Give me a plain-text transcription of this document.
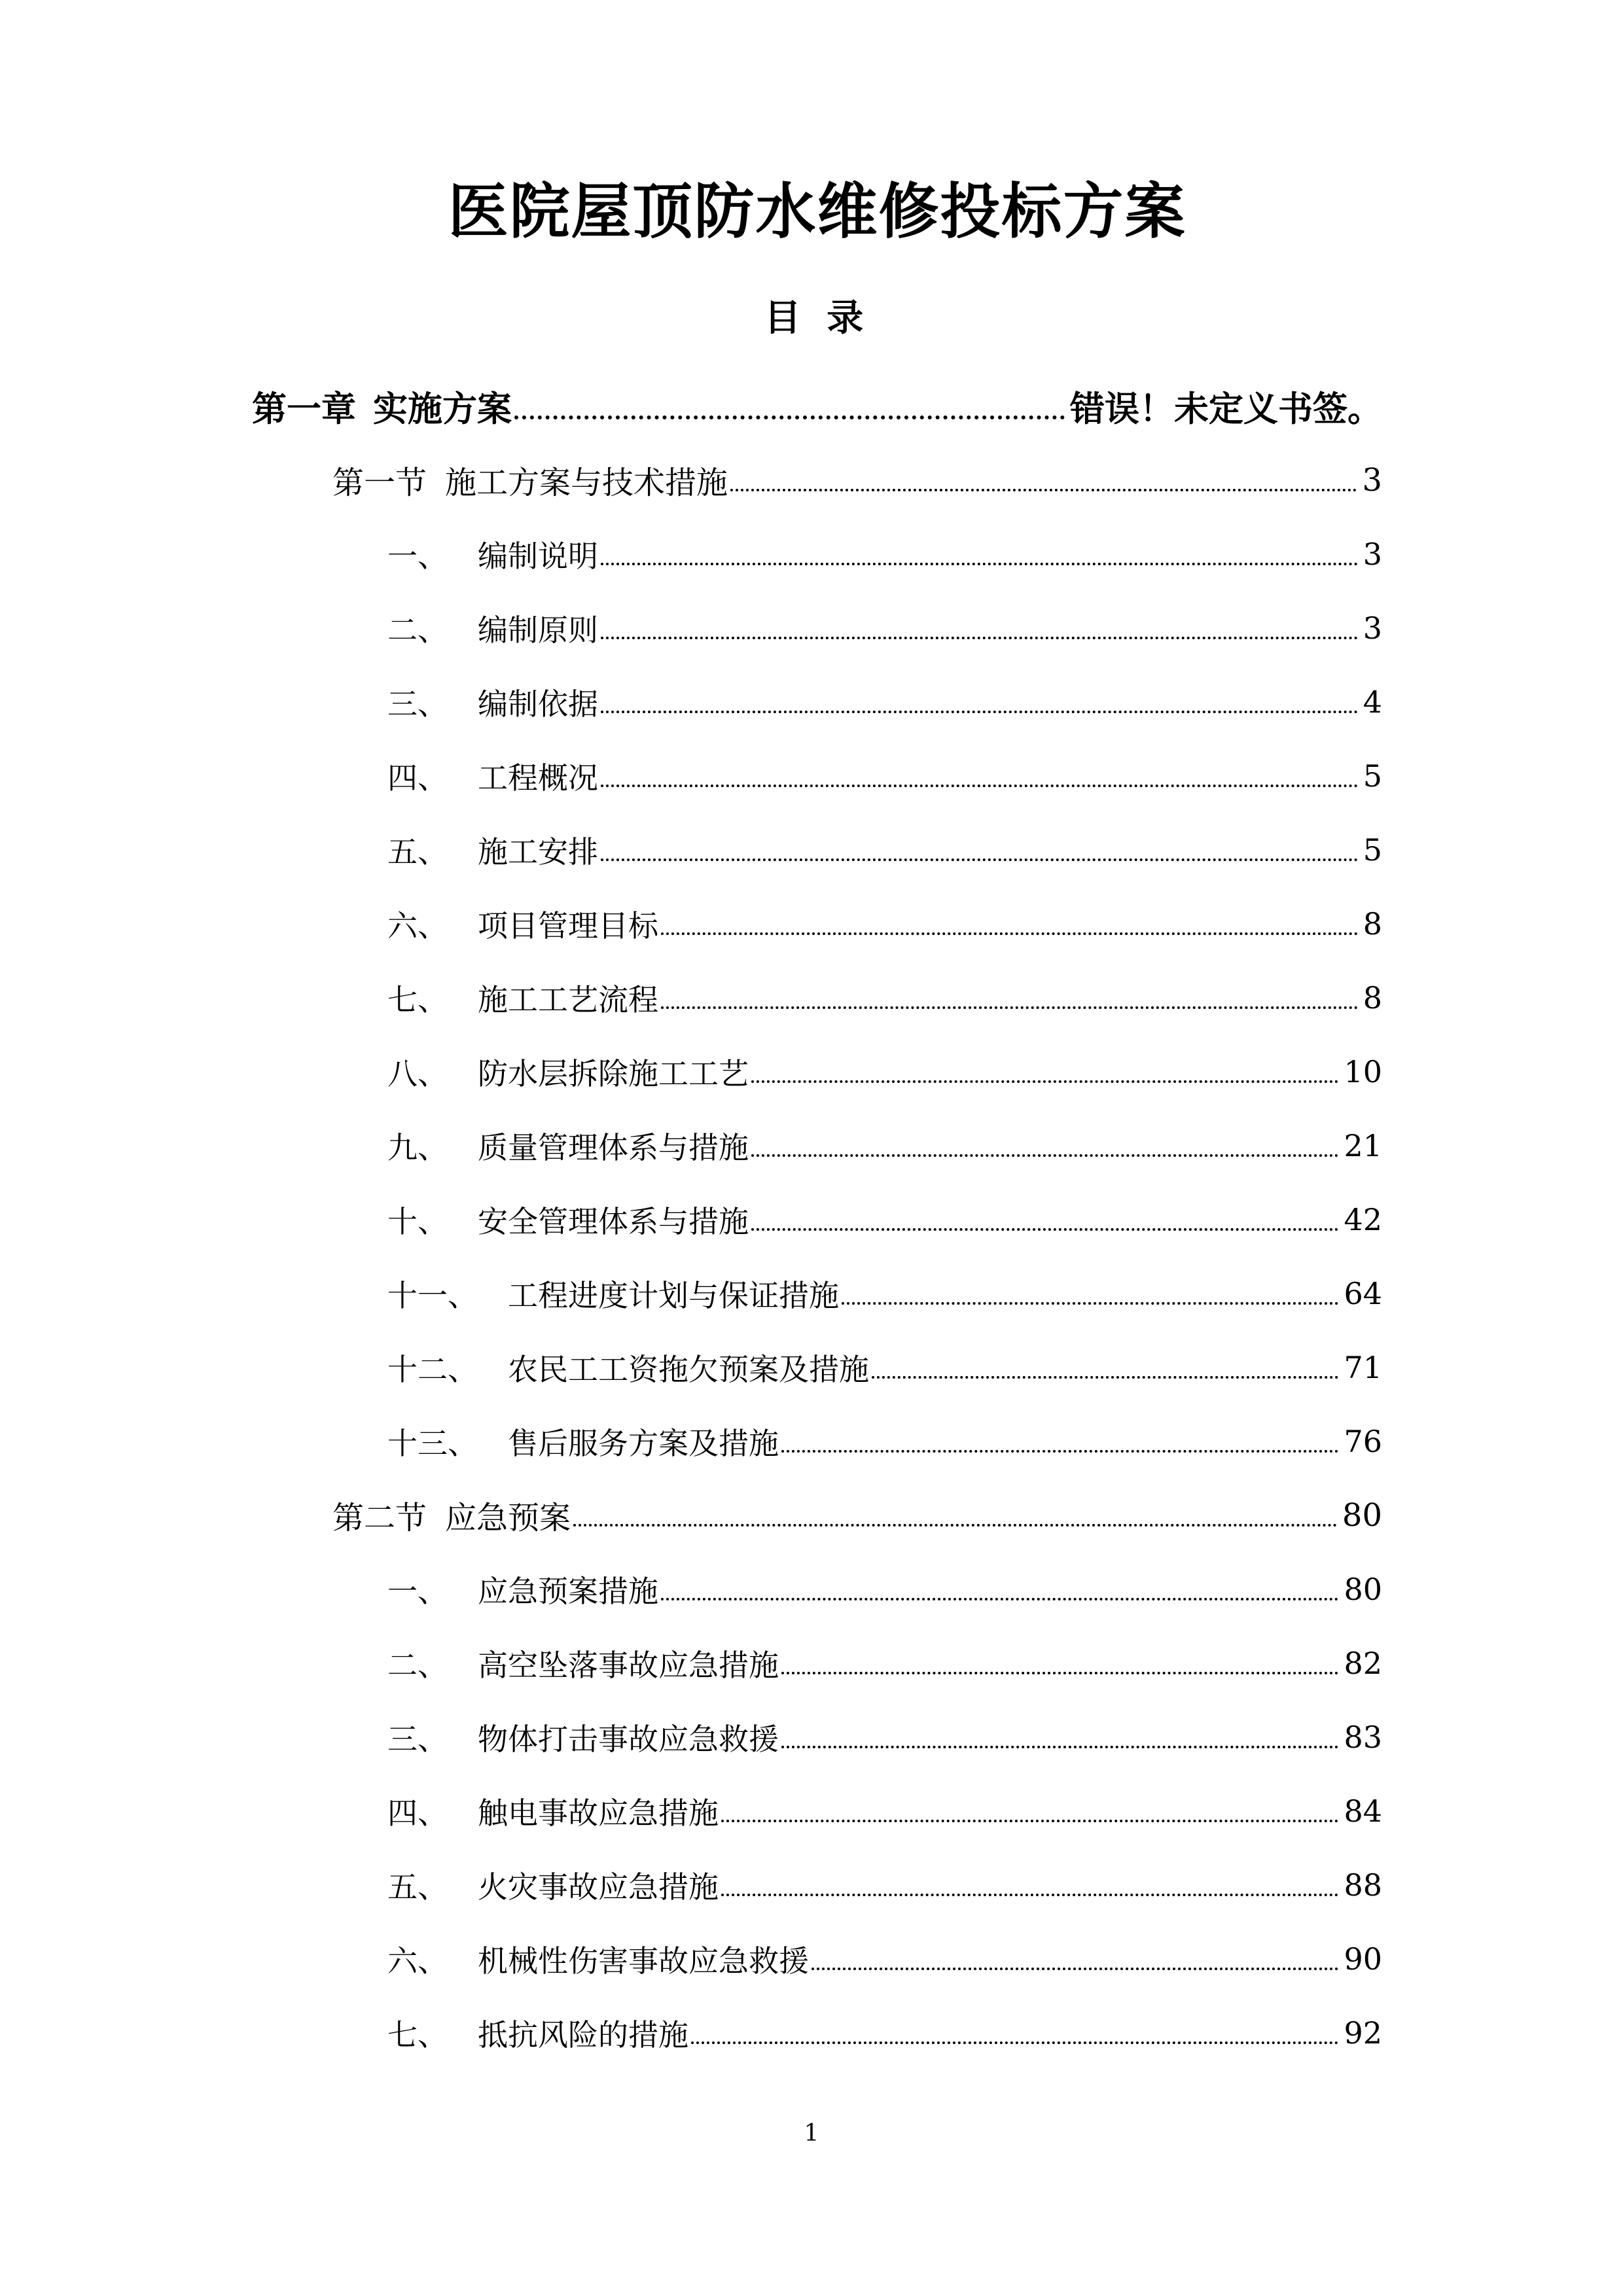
医院屋顶防水维修投标方案
目 录
第一章 实施方案	错误！未定义书签。
第一节 施工方案与技术措施	3
一、 编制说明	3
二、 编制原则	3
三、 编制依据	4
四、 工程概况	5
五、 施工安排	5
六、 项目管理目标	8
七、 施工工艺流程	8
八、 防水层拆除施工工艺	10
九、 质量管理体系与措施	21
十、 安全管理体系与措施	42
十一、 工程进度计划与保证措施	64
十二、 农民工工资拖欠预案及措施	71
十三、 售后服务方案及措施	76
第二节 应急预案	80
一、 应急预案措施	80
二、 高空坠落事故应急措施	82
三、 物体打击事故应急救援	83
四、 触电事故应急措施	84
五、 火灾事故应急措施	88
六、 机械性伤害事故应急救援	90
七、 抵抗风险的措施	92
1
